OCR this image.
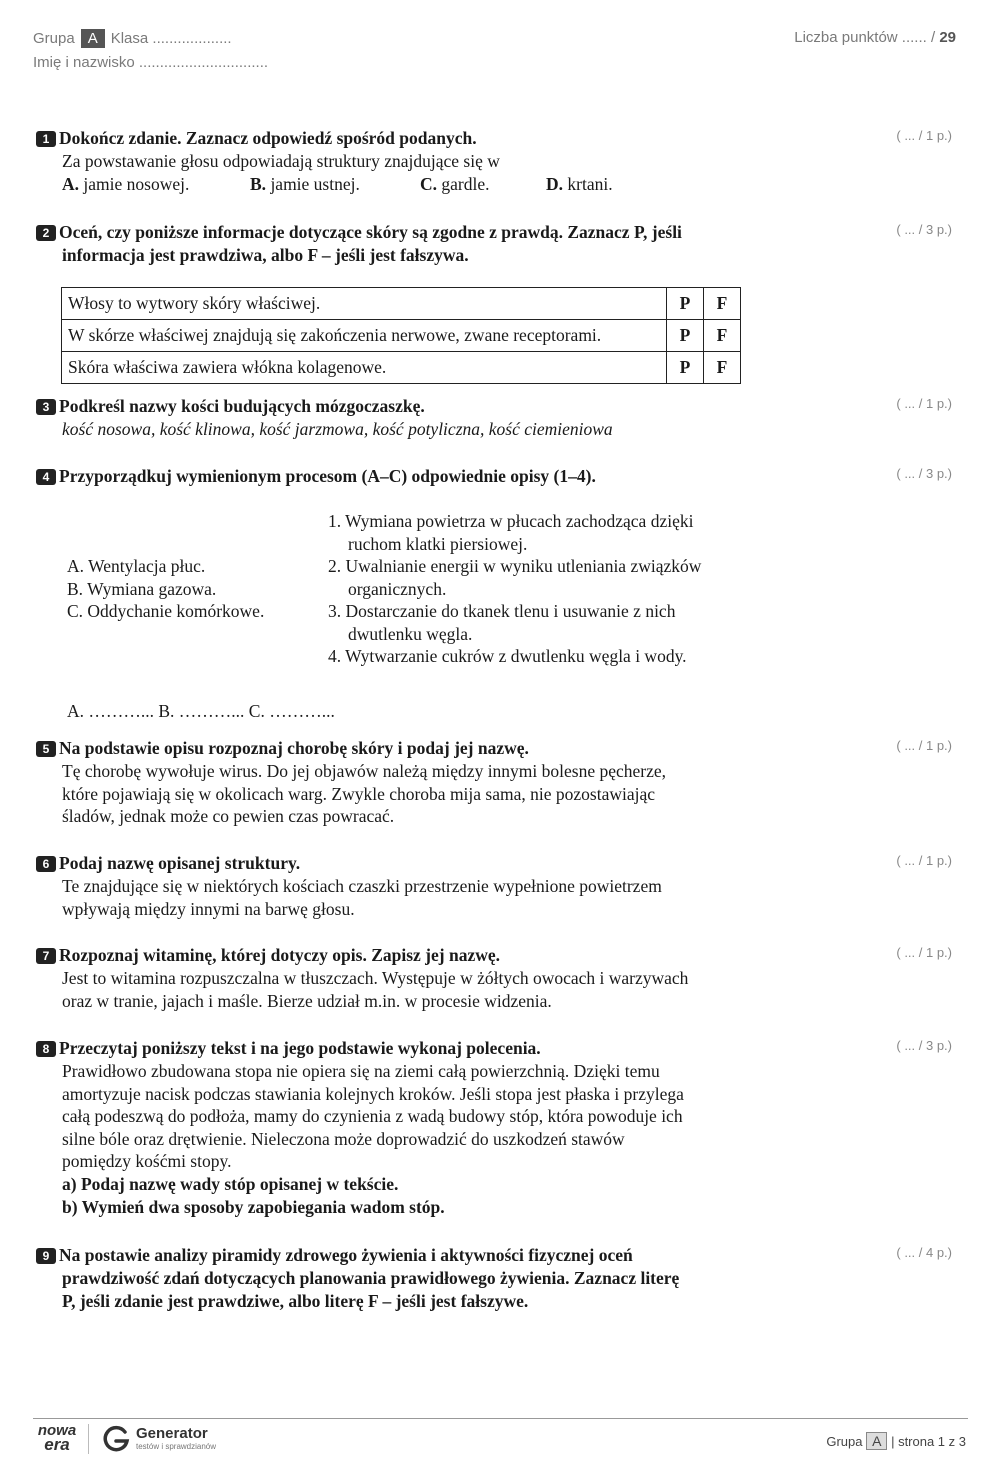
Grupa A Klasa ...................
Imię i nazwisko ...............................
Liczba punktów ...... / 29
1 Dokończ zdanie. Zaznacz odpowiedź spośród podanych.
Za powstawanie głosu odpowiadają struktury znajdujące się w
A. jamie nosowej.	B. jamie ustnej.	C. gardle.	D. krtani.
( ... / 1 p.)
2 Oceń, czy poniższe informacje dotyczące skóry są zgodne z prawdą. Zaznacz P, jeśli
informacja jest prawdziwa, albo F – jeśli jest fałszywa.
( ... / 3 p.)
Włosy to wytwory skóry właściwej.	P	F
W skórze właściwej znajdują się zakończenia nerwowe, zwane receptorami.	P	F
Skóra właściwa zawiera włókna kolagenowe.	P	F
3 Podkreśl nazwy kości budujących mózgoczaszkę.
kość nosowa, kość klinowa, kość jarzmowa, kość potyliczna, kość ciemieniowa
( ... / 1 p.)
4 Przyporządkuj wymienionym procesom (A–C) odpowiednie opisy (1–4).	( ... / 3 p.)
A. Wentylacja płuc.
B. Wymiana gazowa.
C. Oddychanie komórkowe.
1. Wymiana powietrza w płucach zachodząca dzięki ruchom klatki piersiowej.
2. Uwalnianie energii w wyniku utleniania związków organicznych.
3. Dostarczanie do tkanek tlenu i usuwanie z nich dwutlenku węgla.
4. Wytwarzanie cukrów z dwutlenku węgla i wody.
A. ………... B. ………... C. ………...
5 Na podstawie opisu rozpoznaj chorobę skóry i podaj jej nazwę.
Tę chorobę wywołuje wirus. Do jej objawów należą między innymi bolesne pęcherze,
które pojawiają się w okolicach warg. Zwykle choroba mija sama, nie pozostawiając
śladów, jednak może co pewien czas powracać.
( ... / 1 p.)
6 Podaj nazwę opisanej struktury.
Te znajdujące się w niektórych kościach czaszki przestrzenie wypełnione powietrzem
wpływają między innymi na barwę głosu.
( ... / 1 p.)
7 Rozpoznaj witaminę, której dotyczy opis. Zapisz jej nazwę.
Jest to witamina rozpuszczalna w tłuszczach. Występuje w żółtych owocach i warzywach
oraz w tranie, jajach i maśle. Bierze udział m.in. w procesie widzenia.
( ... / 1 p.)
8 Przeczytaj poniższy tekst i na jego podstawie wykonaj polecenia.
Prawidłowo zbudowana stopa nie opiera się na ziemi całą powierzchnią. Dzięki temu
amortyzuje nacisk podczas stawiania kolejnych kroków. Jeśli stopa jest płaska i przylega
całą podeszwą do podłoża, mamy do czynienia z wadą budowy stóp, która powoduje ich
silne bóle oraz drętwienie. Nieleczona może doprowadzić do uszkodzeń stawów
pomiędzy kośćmi stopy.
a) Podaj nazwę wady stóp opisanej w tekście.
b) Wymień dwa sposoby zapobiegania wadom stóp.
( ... / 3 p.)
9 Na postawie analizy piramidy zdrowego żywienia i aktywności fizycznej oceń
prawdziwość zdań dotyczących planowania prawidłowego żywienia. Zaznacz literę
P, jeśli zdanie jest prawdziwe, albo literę F – jeśli jest fałszywe.
( ... / 4 p.)
nowa
era
Generator
testów i sprawdzianów	Grupa A | strona 1 z 3
